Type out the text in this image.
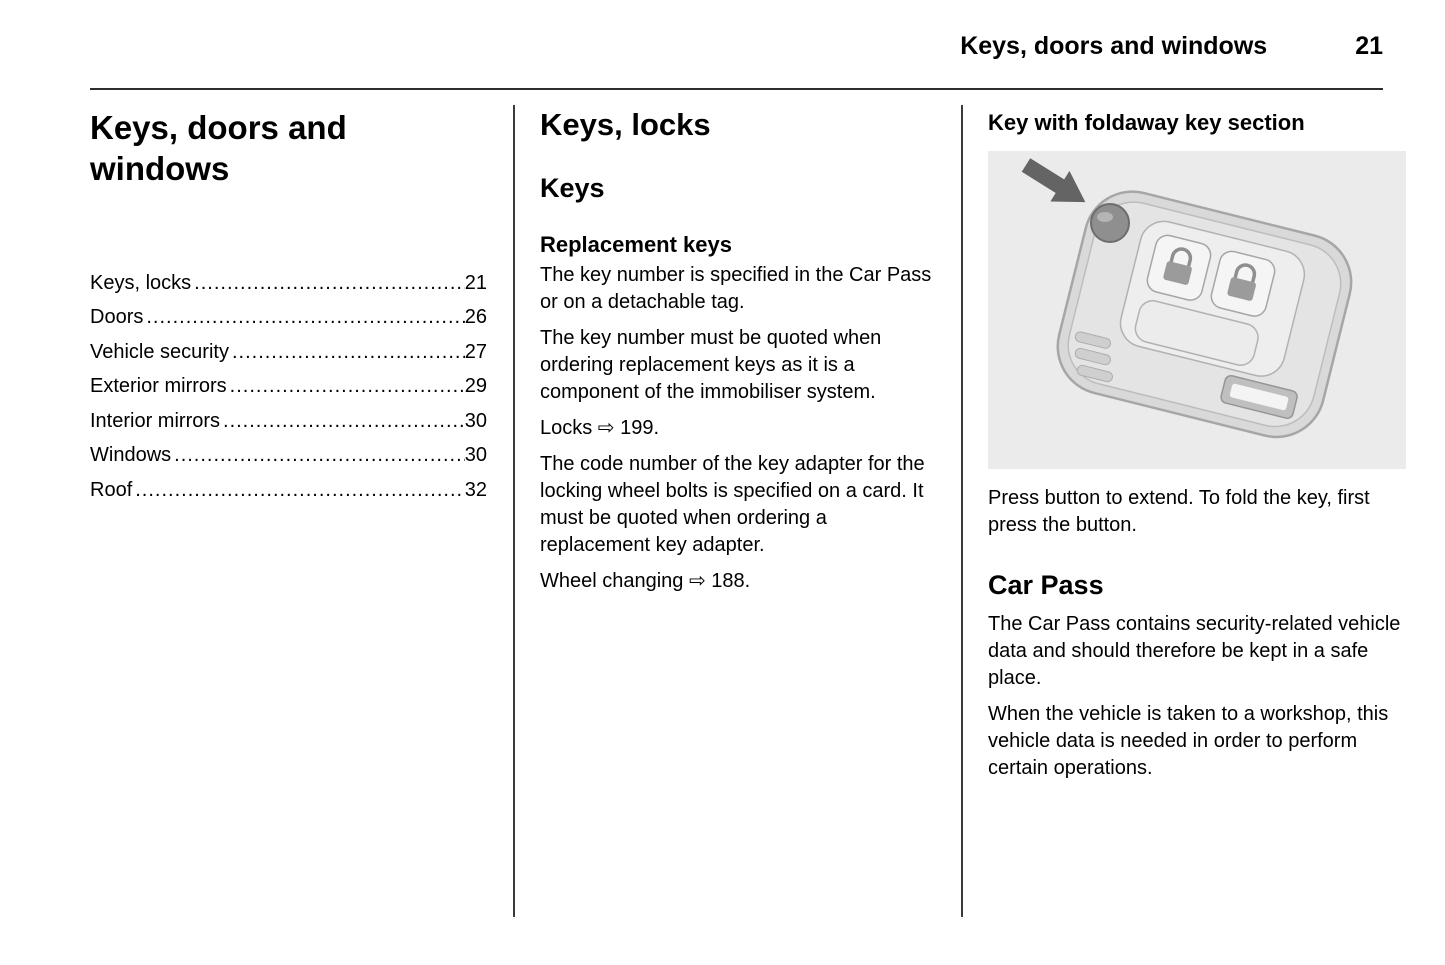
Keys, doors and windows	21
Keys, doors and windows
Keys, locks .....	21
Doors .....	26
Vehicle security .....	27
Exterior mirrors .....	29
Interior mirrors .....	30
Windows .....	30
Roof .....	32
Keys, locks
Keys
Replacement keys

The key number is specified in the Car Pass or on a detachable tag.

The key number must be quoted when ordering replacement keys as it is a component of the immobiliser system.

Locks ⇨ 199.

The code number of the key adapter for the locking wheel bolts is specified on a card. It must be quoted when ordering a replacement key adapter.

Wheel changing ⇨ 188.

Key with foldaway key section

Press button to extend. To fold the key, first press the button.

Car Pass

The Car Pass contains security-related vehicle data and should therefore be kept in a safe place.

When the vehicle is taken to a workshop, this vehicle data is needed in order to perform certain operations.
